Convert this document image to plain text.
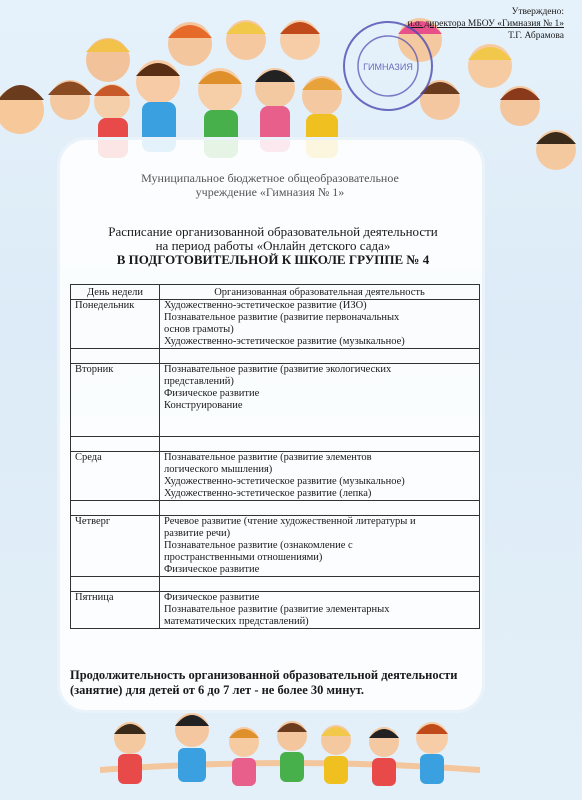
Утверждено:
и.о. директора МБОУ «Гимназия № 1»
Т.Г. Абрамова
ГИМНАЗИЯ
Муниципальное бюджетное общеобразовательное
учреждение «Гимназия № 1»
Расписание организованной образовательной деятельности
на период работы «Онлайн детского сада»
В ПОДГОТОВИТЕЛЬНОЙ К ШКОЛЕ ГРУППЕ № 4
День недели	Организованная образовательная деятельность
Понедельник	Художественно-эстетическое развитие (ИЗО)
Познавательное развитие (развитие первоначальных
основ грамоты)
Художественно-эстетическое развитие (музыкальное)

Вторник	Познавательное развитие (развитие экологических
представлений)
Физическое развитие
Конструирование

Среда	Познавательное развитие (развитие элементов
логического мышления)
Художественно-эстетическое развитие (музыкальное)
Художественно-эстетическое развитие (лепка)

Четверг	Речевое развитие (чтение художественной литературы и
развитие речи)
Познавательное развитие (ознакомление с
пространственными отношениями)
Физическое развитие

Пятница	Физическое развитие
Познавательное развитие (развитие элементарных
математических представлений)
Продолжительность организованной образовательной деятельности
(занятие) для детей от 6 до 7 лет - не более 30 минут.
